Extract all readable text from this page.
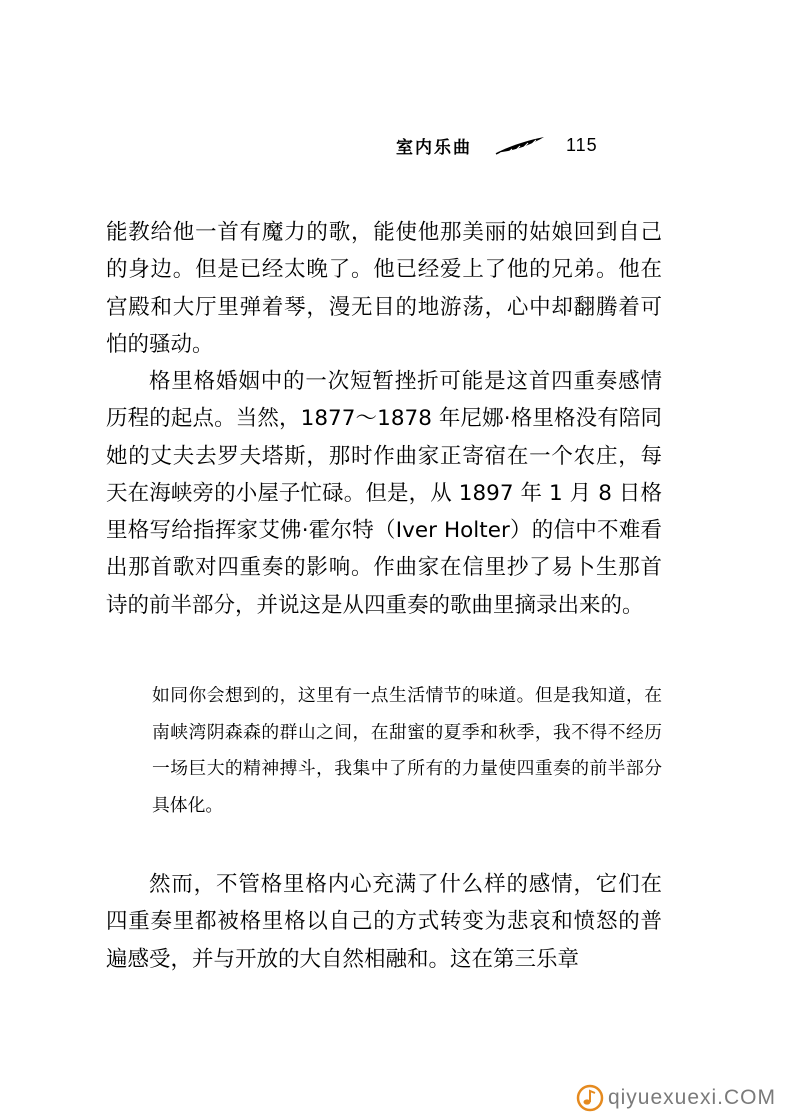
室内乐曲	115

能教给他一首有魔力的歌，能使他那美丽的姑娘回到自己的身边。但是已经太晚了。他已经爱上了他的兄弟。他在宫殿和大厅里弹着琴，漫无目的地游荡，心中却翻腾着可怕的骚动。

格里格婚姻中的一次短暂挫折可能是这首四重奏感情历程的起点。当然，1877～1878 年尼娜·格里格没有陪同她的丈夫去罗夫塔斯，那时作曲家正寄宿在一个农庄，每天在海峡旁的小屋子忙碌。但是，从 1897 年 1 月 8 日格里格写给指挥家艾佛·霍尔特（Iver Holter）的信中不难看出那首歌对四重奏的影响。作曲家在信里抄了易卜生那首诗的前半部分，并说这是从四重奏的歌曲里摘录出来的。

如同你会想到的，这里有一点生活情节的味道。但是我知道，在南峡湾阴森森的群山之间，在甜蜜的夏季和秋季，我不得不经历一场巨大的精神搏斗，我集中了所有的力量使四重奏的前半部分具体化。

然而，不管格里格内心充满了什么样的感情，它们在四重奏里都被格里格以自己的方式转变为悲哀和愤怒的普遍感受，并与开放的大自然相融和。这在第三乐章

qiyuexuexi.COM
